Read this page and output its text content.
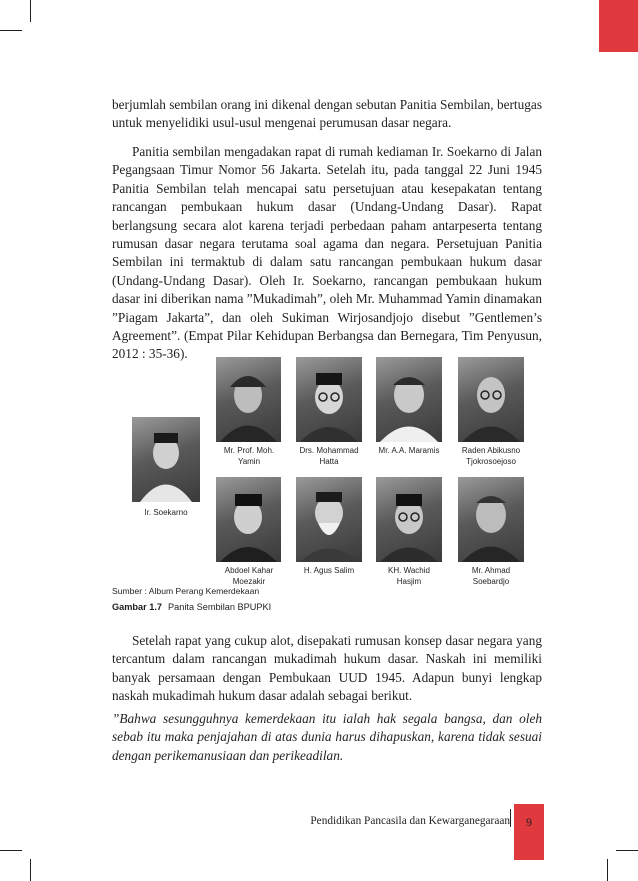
berjumlah sembilan orang ini dikenal dengan sebutan Panitia Sembilan, bertugas untuk menyelidiki usul-usul mengenai perumusan dasar negara.

Panitia sembilan mengadakan rapat di rumah kediaman Ir. Soekarno di Jalan Pegangsaan Timur Nomor 56 Jakarta. Setelah itu, pada tanggal 22 Juni 1945 Panitia Sembilan telah mencapai satu persetujuan atau kesepakatan tentang rancangan pembukaan hukum dasar (Undang-Undang Dasar). Rapat berlangsung secara alot karena terjadi perbedaan paham antarpeserta tentang rumusan dasar negara terutama soal agama dan negara. Persetujuan Panitia Sembilan ini termaktub di dalam satu rancangan pembukaan hukum dasar (Undang-Undang Dasar). Oleh Ir. Soekarno, rancangan pembukaan hukum dasar ini diberikan nama ”Mukadimah”, oleh Mr. Muhammad Yamin dinamakan ”Piagam Jakarta”, dan oleh Sukiman Wirjosandjojo disebut ”Gentlemen’s Agreement”. (Empat Pilar Kehidupan Berbangsa dan Bernegara, Tim Penyusun, 2012 : 35-36).

Ir. Soekarno
Mr. Prof. Moh. Yamin
Drs. Mohammad Hatta
Mr. A.A. Maramis	Raden Abikusno Tjokrosoejoso
Abdoel Kahar Moezakir
H. Agus Salim	KH. Wachid Hasjim
Mr. Ahmad Soebardjo
Sumber : Album Perang Kemerdekaan
Gambar 1.7 Panita Sembilan BPUPKI

Setelah rapat yang cukup alot, disepakati rumusan konsep dasar negara yang tercantum dalam rancangan mukadimah hukum dasar. Naskah ini memiliki banyak persamaan dengan Pembukaan UUD 1945. Adapun bunyi lengkap naskah mukadimah hukum dasar adalah sebagai berikut.

”Bahwa sesungguhnya kemerdekaan itu ialah hak segala bangsa, dan oleh sebab itu maka penjajahan di atas dunia harus dihapuskan, karena tidak sesuai dengan perikemanusiaan dan perikeadilan.

Pendidikan Pancasila dan Kewarganegaraan	9
